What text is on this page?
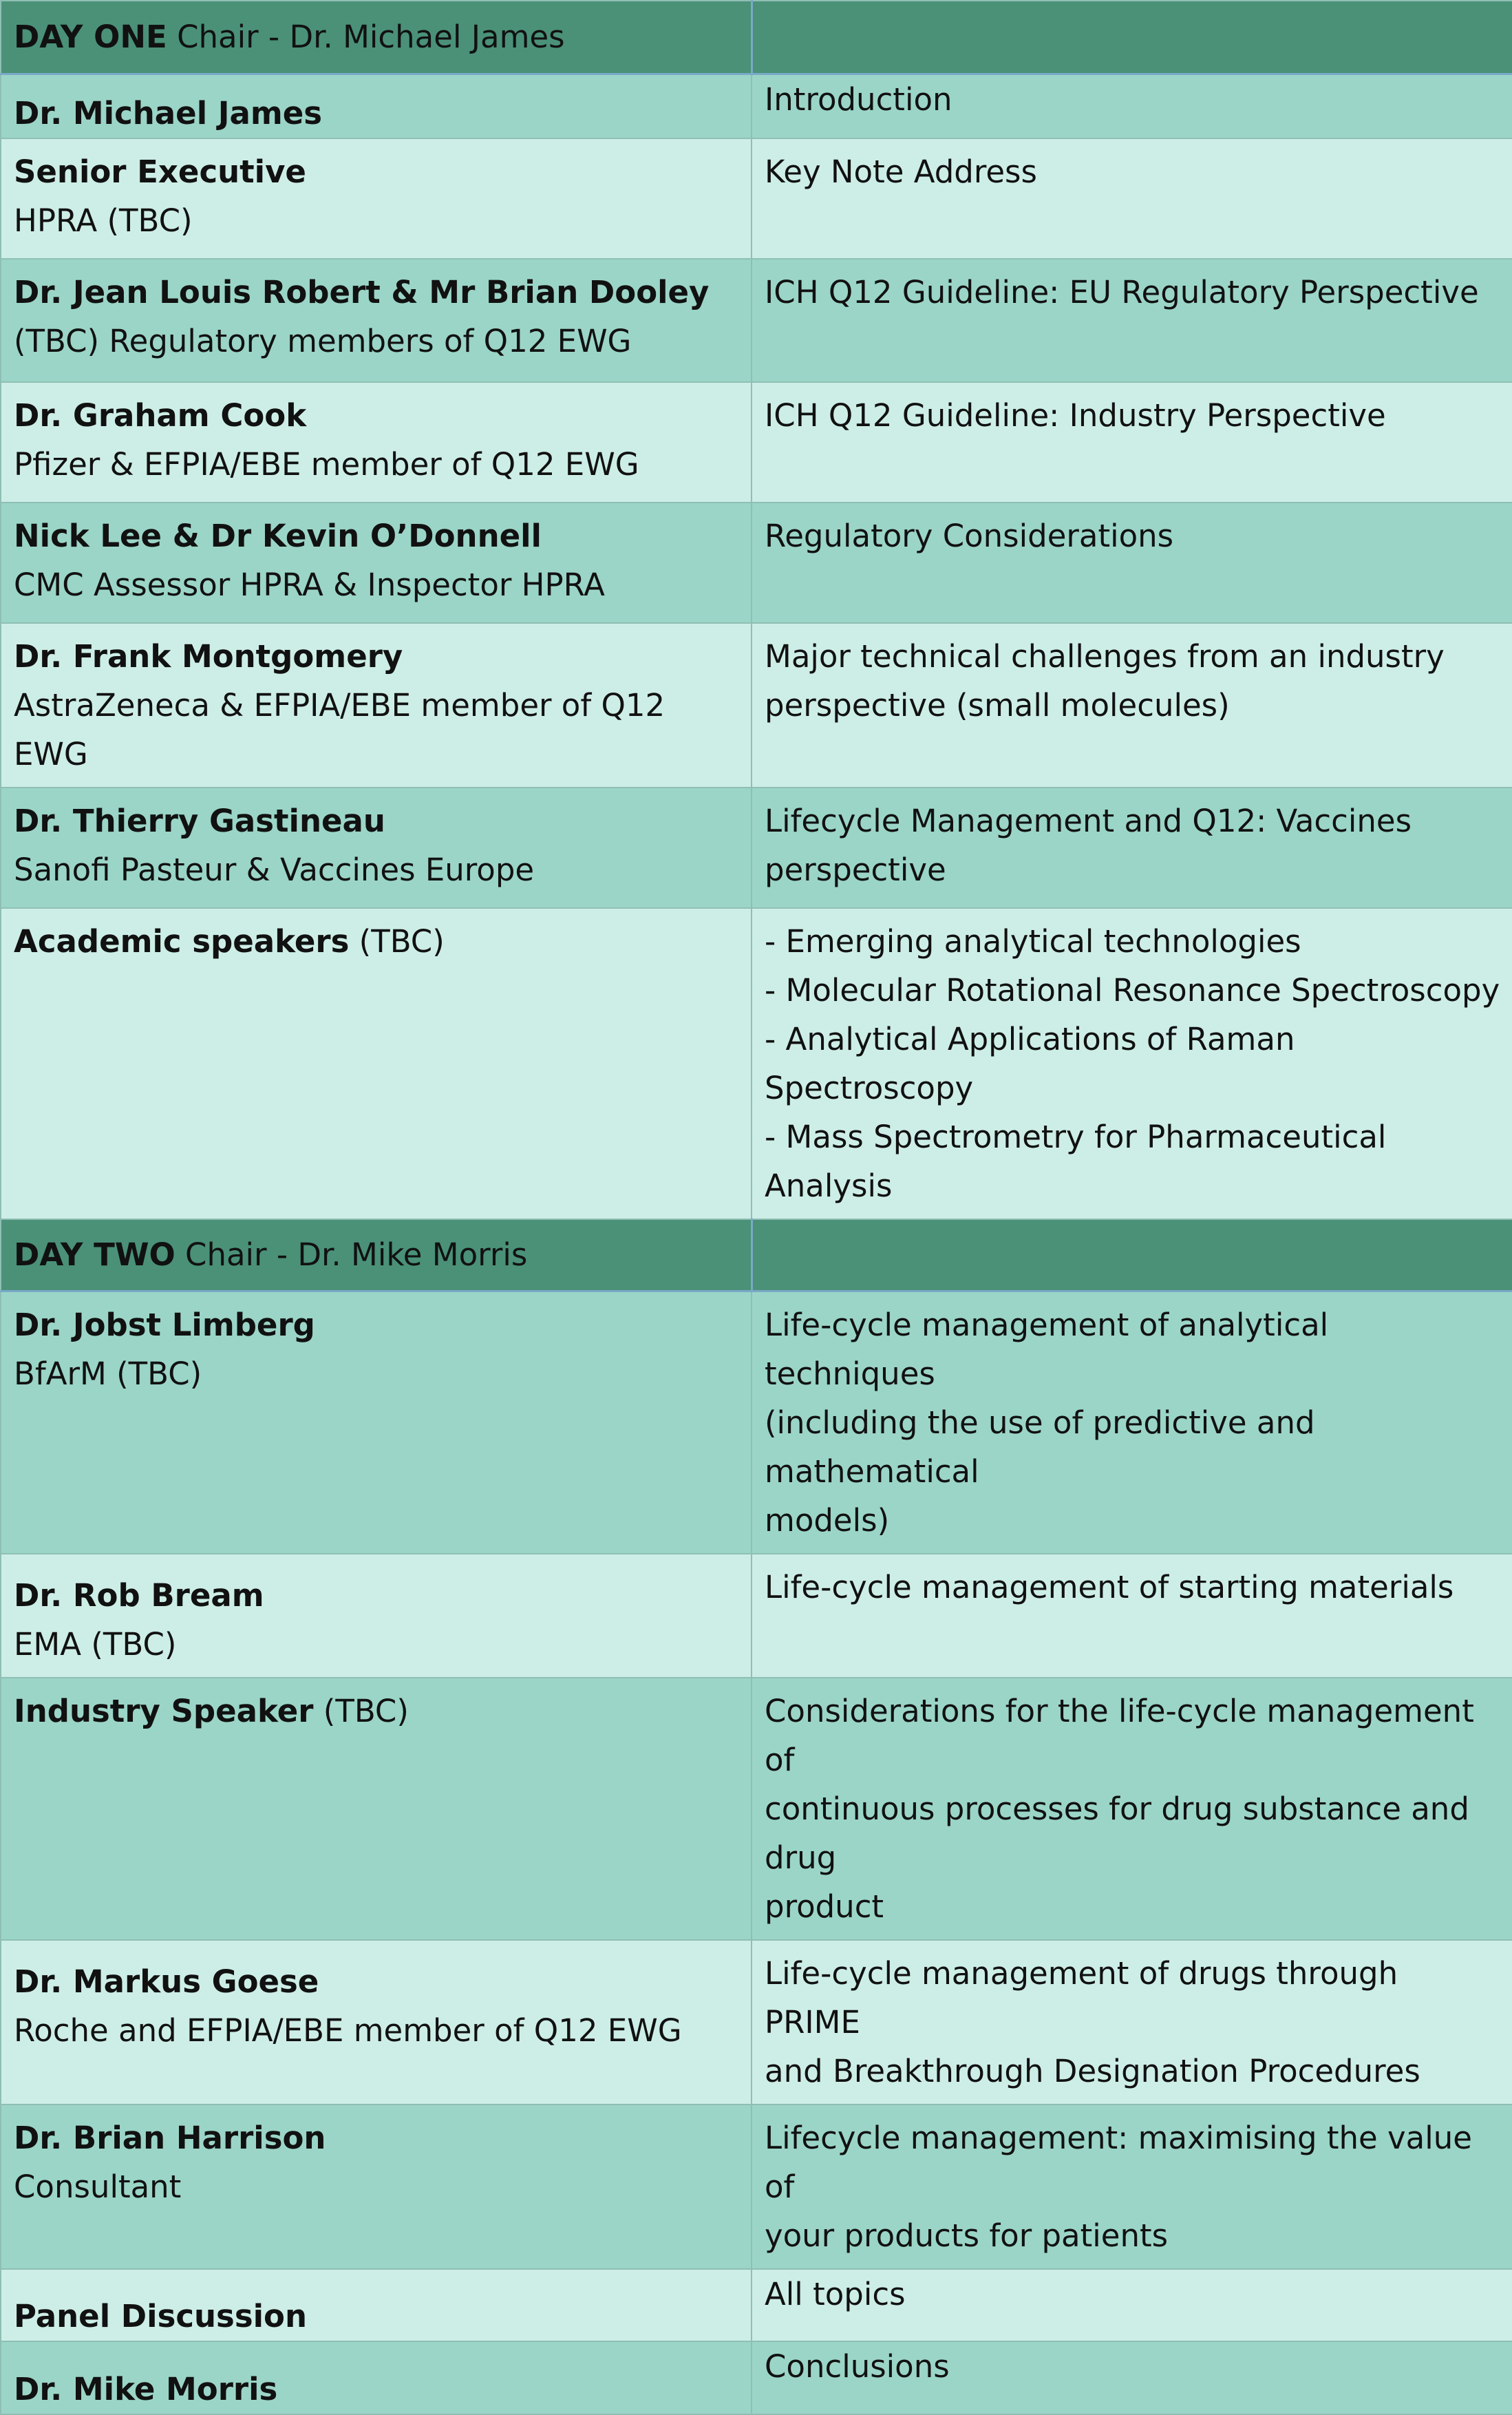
DAY ONE Chair - Dr. Michael James	

Dr. Michael James	Introduction

Senior Executive
HPRA (TBC)	Key Note Address

Dr. Jean Louis Robert & Mr Brian Dooley
(TBC) Regulatory members of Q12 EWG	ICH Q12 Guideline: EU Regulatory Perspective

Dr. Graham Cook
Pfizer & EFPIA/EBE member of Q12 EWG	ICH Q12 Guideline: Industry Perspective

Nick Lee & Dr Kevin O’Donnell
CMC Assessor HPRA & Inspector HPRA	Regulatory Considerations

Dr. Frank Montgomery
AstraZeneca & EFPIA/EBE member of Q12 EWG	Major technical challenges from an industry
perspective (small molecules)

Dr. Thierry Gastineau
Sanofi Pasteur & Vaccines Europe	Lifecycle Management and Q12: Vaccines
perspective

Academic speakers (TBC)	- Emerging analytical technologies
- Molecular Rotational Resonance Spectroscopy
- Analytical Applications of Raman Spectroscopy
- Mass Spectrometry for Pharmaceutical Analysis

DAY TWO Chair - Dr. Mike Morris	

Dr. Jobst Limberg
BfArM (TBC)	Life-cycle management of analytical techniques
(including the use of predictive and mathematical
models)

Dr. Rob Bream
EMA (TBC)	Life-cycle management of starting materials

Industry Speaker (TBC)	Considerations for the life-cycle management of
continuous processes for drug substance and drug
product

Dr. Markus Goese
Roche and EFPIA/EBE member of Q12 EWG	Life-cycle management of drugs through PRIME
and Breakthrough Designation Procedures

Dr. Brian Harrison
Consultant	Lifecycle management: maximising the value of
your products for patients

Panel Discussion	All topics

Dr. Mike Morris	Conclusions
